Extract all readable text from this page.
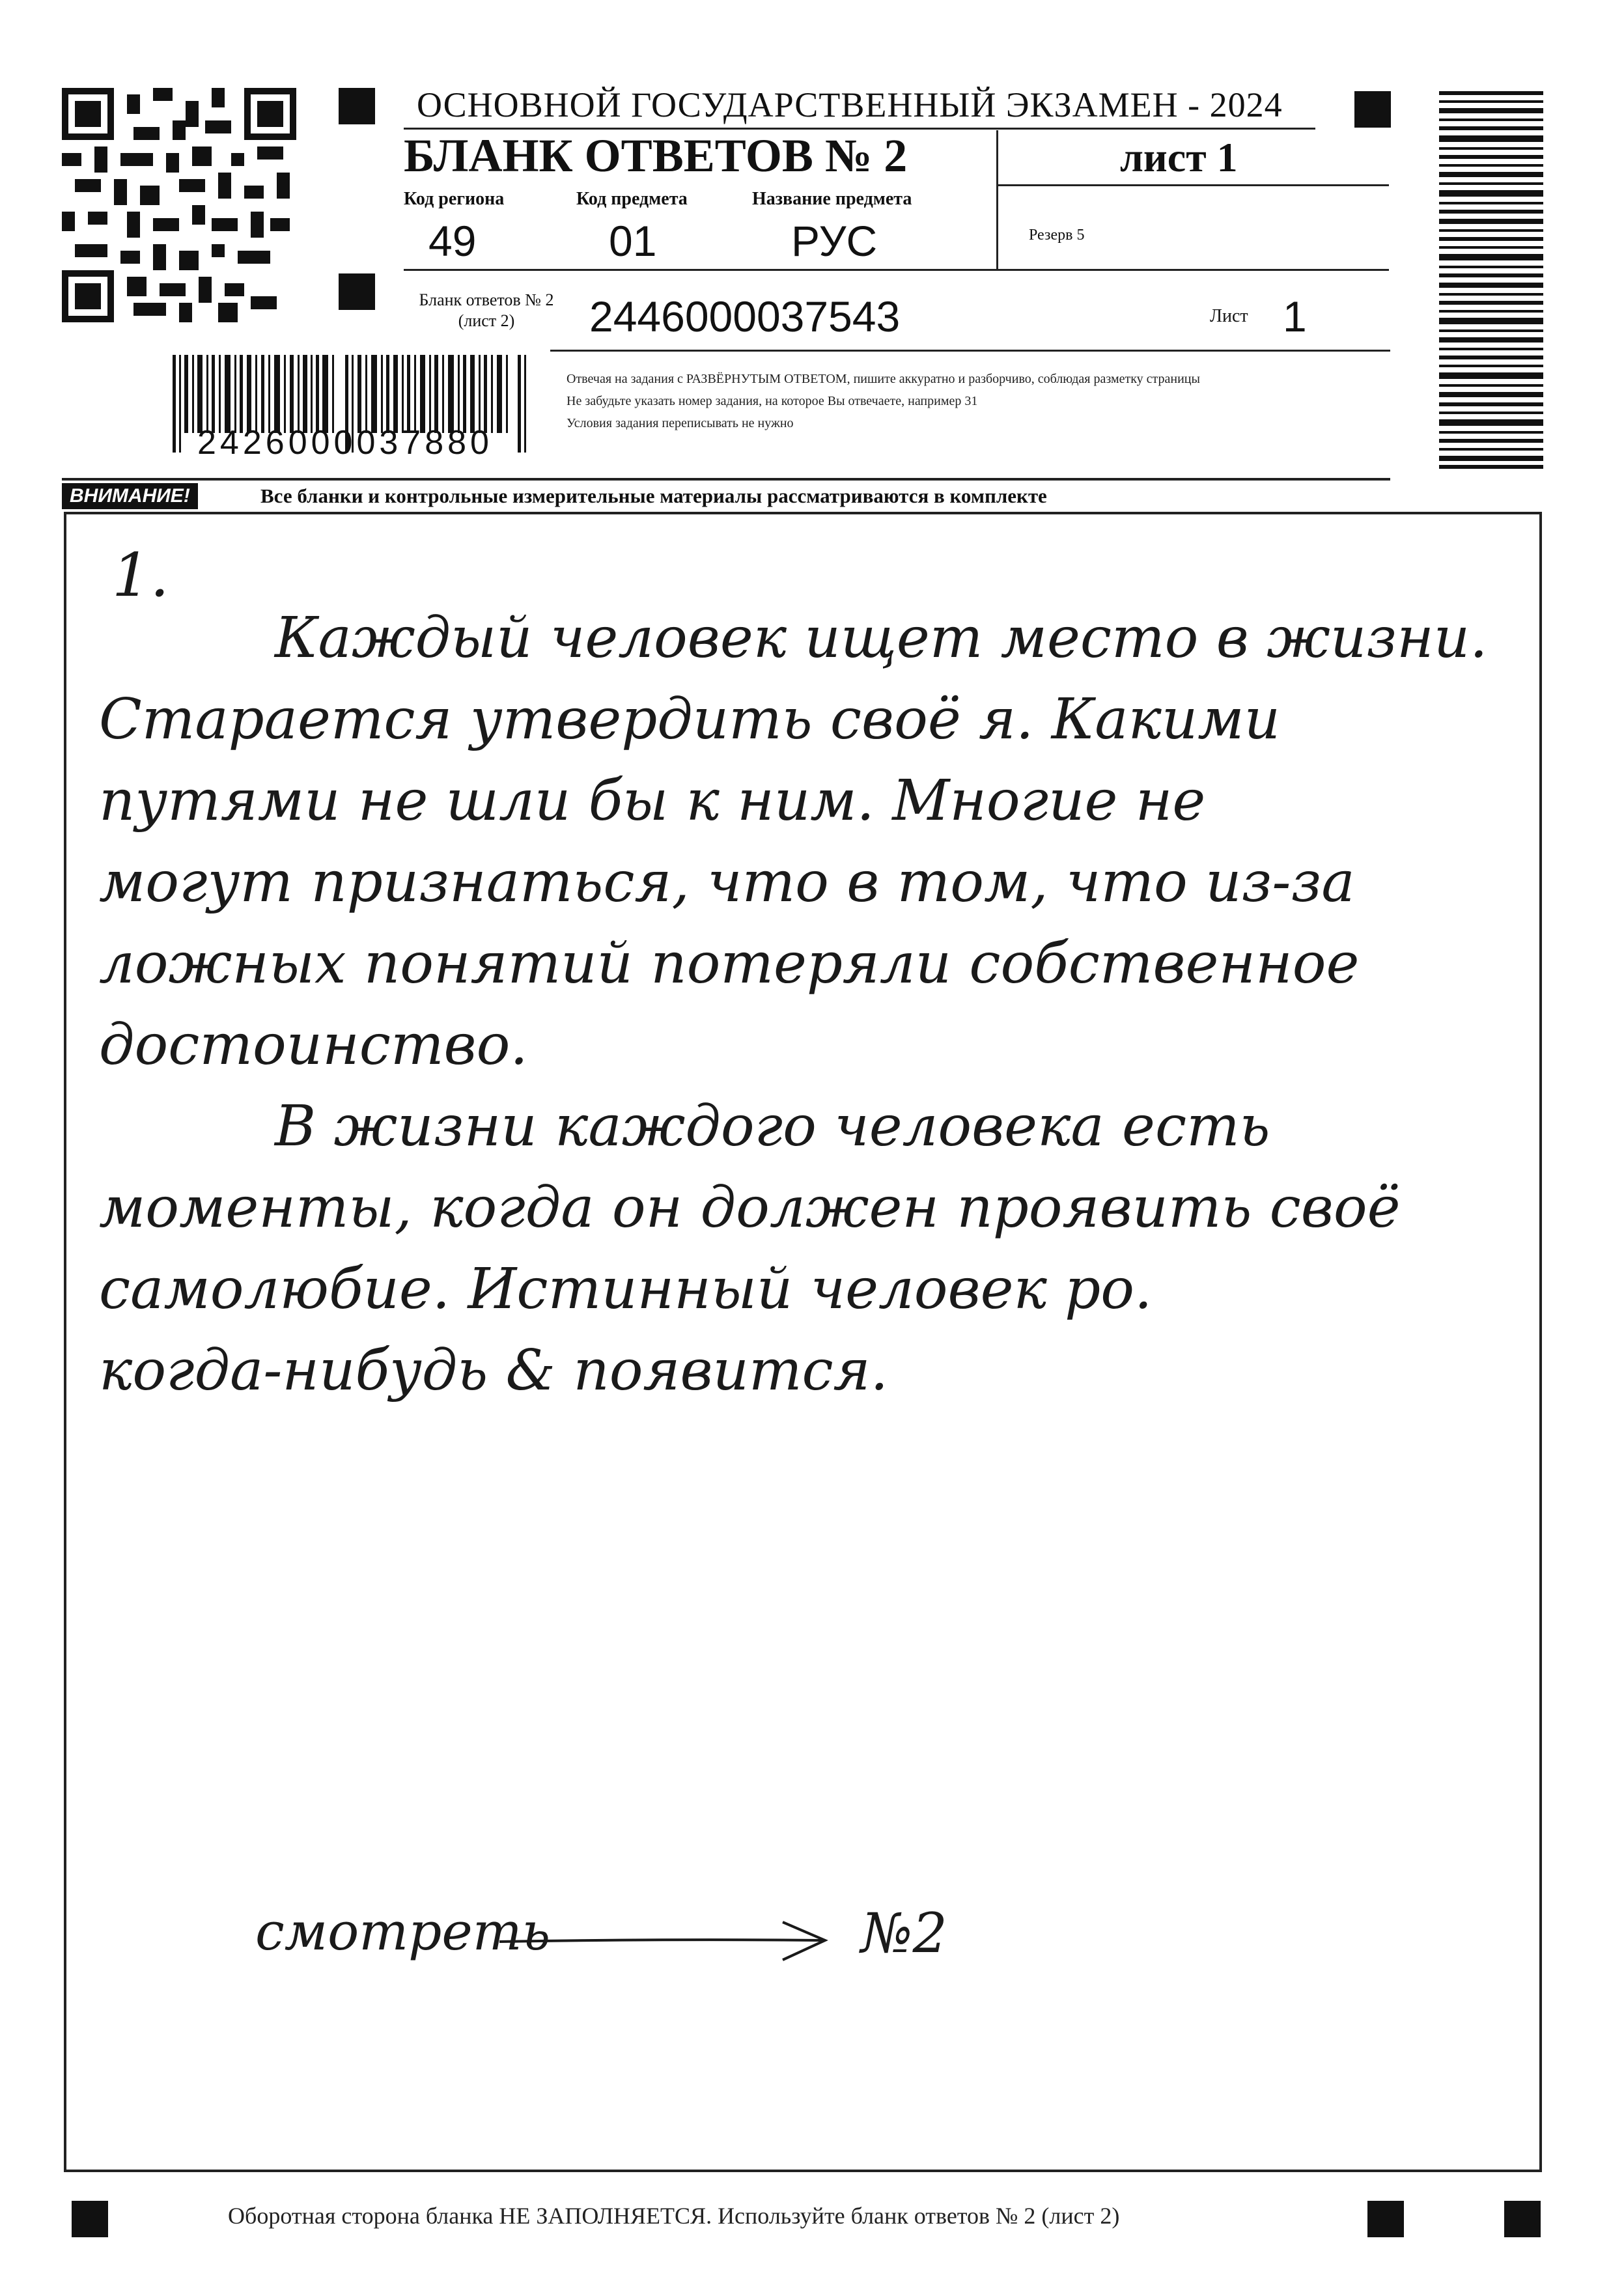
ОСНОВНОЙ ГОСУДАРСТВЕННЫЙ ЭКЗАМЕН - 2024
БЛАНК ОТВЕТОВ № 2	лист 1
Код региона
49
Код предмета
01
Название предмета
РУС	Резерв 5
Бланк ответов № 2
(лист 2)	2446000037543	Лист 1
2426000037880
Отвечая на задания с РАЗВЁРНУТЫМ ОТВЕТОМ, пишите аккуратно и разборчиво, соблюдая разметку страницы
Не забудьте указать номер задания, на которое Вы отвечаете, например 31
Условия задания переписывать не нужно
ВНИМАНИЕ!	Все бланки и контрольные измерительные материалы рассматриваются в комплекте
1.
Каждый человек ищет место в жизни.
Старается утвердить своё я. Какими
путями не шли бы к ним. Многие не
могут признаться, что в том, что из-за
ложных понятий потеряли собственное
достоинство.
В жизни каждого человека есть
моменты, когда он должен проявить своё
самолюбие. Истинный человек ро.
когда-нибудь & появится.
смотреть	№2
Оборотная сторона бланка НЕ ЗАПОЛНЯЕТСЯ. Используйте бланк ответов № 2 (лист 2)
